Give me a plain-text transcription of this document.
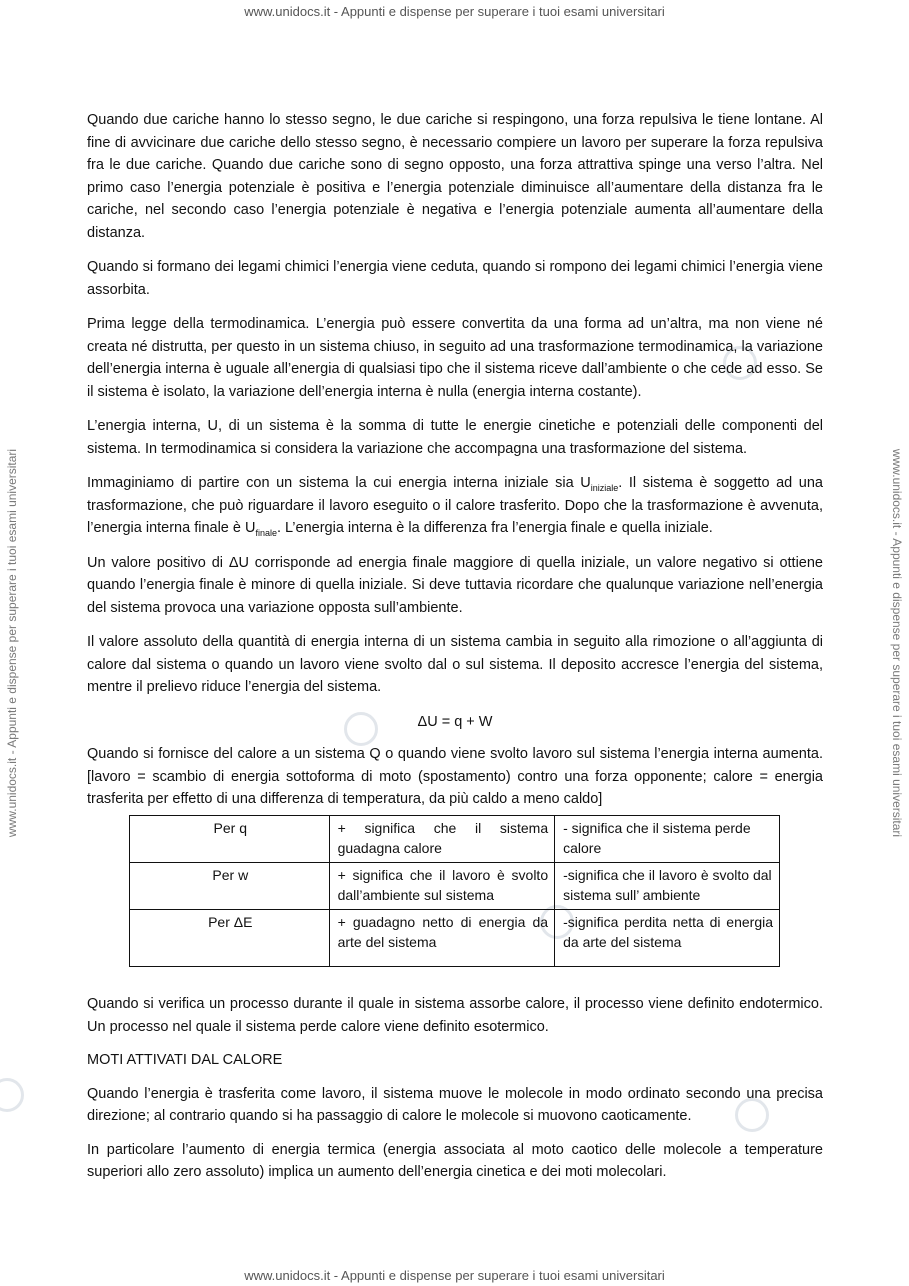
www.unidocs.it - Appunti e dispense per superare i tuoi esami universitari
www.unidocs.it - Appunti e dispense per superare i tuoi esami universitari	www.unidocs.it - Appunti e dispense per superare i tuoi esami universitari

Quando due cariche hanno lo stesso segno, le due cariche si respingono, una forza repulsiva le tiene lontane. Al fine di avvicinare due cariche dello stesso segno, è necessario compiere un lavoro per superare la forza repulsiva fra le due cariche. Quando due cariche sono di segno opposto, una forza attrattiva spinge una verso l’altra. Nel primo caso l’energia potenziale è positiva e l’energia potenziale diminuisce all’aumentare della distanza fra le cariche, nel secondo caso l’energia potenziale è negativa e l’energia potenziale aumenta all’aumentare della distanza.

Quando si formano dei legami chimici l’energia viene ceduta, quando si rompono dei legami chimici l’energia viene assorbita.

Prima legge della termodinamica. L’energia può essere convertita da una forma ad un’altra, ma non viene né creata né distrutta, per questo in un sistema chiuso, in seguito ad una trasformazione termodinamica, la variazione dell’energia interna è uguale all’energia di qualsiasi tipo che il sistema riceve dall’ambiente o che cede ad esso. Se il sistema è isolato, la variazione dell’energia interna è nulla (energia interna costante).

L’energia interna, U, di un sistema è la somma di tutte le energie cinetiche e potenziali delle componenti del sistema. In termodinamica si considera la variazione che accompagna una trasformazione del sistema.

Immaginiamo di partire con un sistema la cui energia interna iniziale sia $U_{iniziale}$. Il sistema è soggetto ad una trasformazione, che può riguardare il lavoro eseguito o il calore trasferito. Dopo che la trasformazione è avvenuta, l’energia interna finale è $U_{finale}$. L’energia interna è la differenza fra l’energia finale e quella iniziale.

Un valore positivo di ΔU corrisponde ad energia finale maggiore di quella iniziale, un valore negativo si ottiene quando l’energia finale è minore di quella iniziale. Si deve tuttavia ricordare che qualunque variazione nell’energia del sistema provoca una variazione opposta sull’ambiente.

Il valore assoluto della quantità di energia interna di un sistema cambia in seguito alla rimozione o all’aggiunta di calore dal sistema o quando un lavoro viene svolto dal o sul sistema. Il deposito accresce l’energia del sistema, mentre il prelievo riduce l’energia del sistema.

ΔU = q + W

Quando si fornisce del calore a un sistema Q o quando viene svolto lavoro sul sistema l’energia interna aumenta. [lavoro = scambio di energia sottoforma di moto (spostamento) contro una forza opponente; calore = energia trasferita per effetto di una differenza di temperatura, da più caldo a meno caldo]

Per q	+ significa che il sistema guadagna calore	- significa che il sistema perde calore
Per w	+ significa che il lavoro è svolto dall’ambiente sul sistema	-significa che il lavoro è svolto dal sistema sull’ ambiente
Per ΔE	+ guadagno netto di energia da arte del sistema	-significa perdita netta di energia da arte del sistema

Quando si verifica un processo durante il quale in sistema assorbe calore, il processo viene definito endotermico. Un processo nel quale il sistema perde calore viene definito esotermico.

MOTI ATTIVATI DAL CALORE

Quando l’energia è trasferita come lavoro, il sistema muove le molecole in modo ordinato secondo una precisa direzione; al contrario quando si ha passaggio di calore le molecole si muovono caoticamente.

In particolare l’aumento di energia termica (energia associata al moto caotico delle molecole a temperature superiori allo zero assoluto) implica un aumento dell’energia cinetica e dei moti molecolari.

www.unidocs.it - Appunti e dispense per superare i tuoi esami universitari
